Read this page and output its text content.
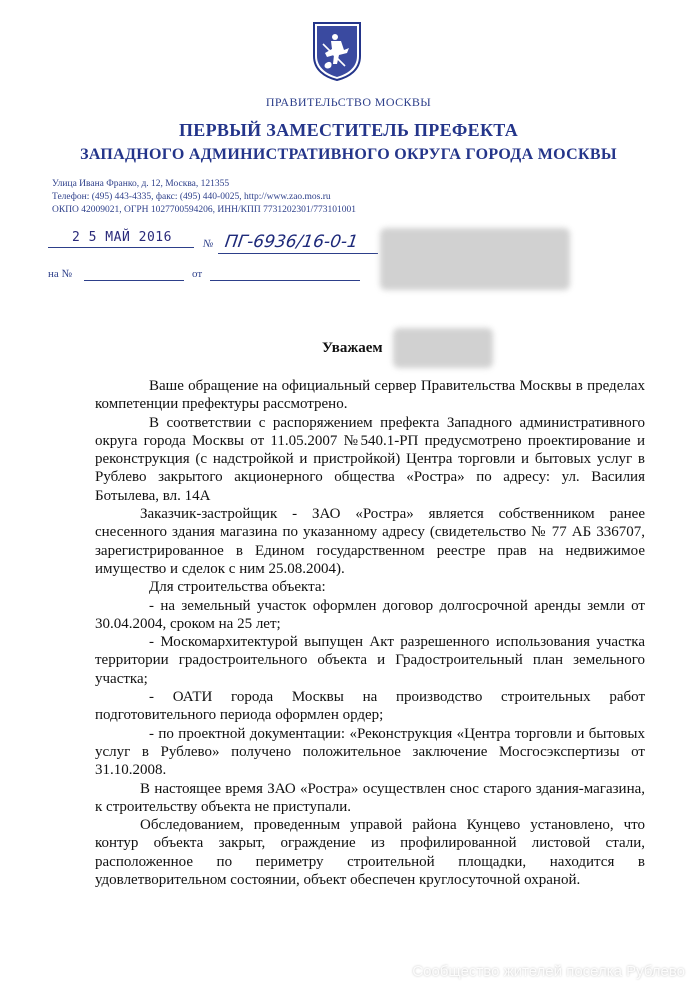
ПРАВИТЕЛЬСТВО МОСКВЫ
ПЕРВЫЙ ЗАМЕСТИТЕЛЬ ПРЕФЕКТА
ЗАПАДНОГО АДМИНИСТРАТИВНОГО ОКРУГА ГОРОДА МОСКВЫ
Улица Ивана Франко, д. 12, Москва, 121355
Телефон: (495) 443-4335, факс: (495) 440-0025, http://www.zao.mos.ru
ОКПО 42009021, ОГРН 1027700594206, ИНН/КПП 7731202301/773101001
2 5 МАЙ 2016	№ ПГ-6936/16-0-1
на №	от
Уважаем

Ваше обращение на официальный сервер Правительства Москвы в пределах компетенции префектуры рассмотрено.

В соответствии с распоряжением префекта Западного административного округа города Москвы от 11.05.2007 №540.1-РП предусмотрено проектирование и реконструкция (с надстройкой и пристройкой) Центра торговли и бытовых услуг в Рублево закрытого акционерного общества «Ростра» по адресу: ул. Василия Ботылева, вл. 14А

Заказчик-застройщик - ЗАО «Ростра» является собственником ранее снесенного здания магазина по указанному адресу (свидетельство № 77 АБ 336707, зарегистрированное в Едином государственном реестре прав на недвижимое имущество и сделок с ним 25.08.2004).

Для строительства объекта:

- на земельный участок оформлен договор долгосрочной аренды земли от 30.04.2004, сроком на 25 лет;

- Москомархитектурой выпущен Акт разрешенного использования участка территории градостроительного объекта и Градостроительный план земельного участка;

- ОАТИ города Москвы на производство строительных работ подготовительного периода оформлен ордер;

- по проектной документации: «Реконструкция «Центра торговли и бытовых услуг в Рублево» получено положительное заключение Мосгосэкспертизы от 31.10.2008.

В настоящее время ЗАО «Ростра» осуществлен снос старого здания-магазина, к строительству объекта не приступали.

Обследованием, проведенным управой района Кунцево установлено, что контур объекта закрыт, ограждение из профилированной листовой стали, расположенное по периметру строительной площадки, находится в удовлетворительном состоянии, объект обеспечен круглосуточной охраной.

Сообщество жителей поселка Рублево
